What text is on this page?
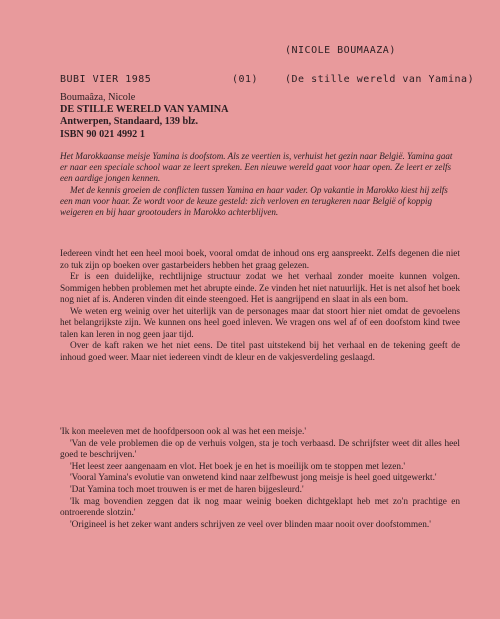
(NICOLE BOUMAAZA)
BUBI VIER 1985	(01)	(De stille wereld van Yamina)
Boumaâza, Nicole
DE STILLE WERELD VAN YAMINA
Antwerpen, Standaard, 139 blz.
ISBN 90 021 4992 1

Het Marokkaanse meisje Yamina is doofstom. Als ze veertien is, verhuist het gezin naar België. Yamina gaat er naar een speciale school waar ze leert spreken. Een nieuwe wereld gaat voor haar open. Ze leert er zelfs een aardige jongen kennen.

Met de kennis groeien de conflicten tussen Yamina en haar vader. Op vakantie in Marokko kiest hij zelfs een man voor haar. Ze wordt voor de keuze gesteld: zich verloven en terugkeren naar België of koppig weigeren en bij haar grootouders in Marokko achterblijven.

Iedereen vindt het een heel mooi boek, vooral omdat de inhoud ons erg aanspreekt. Zelfs degenen die niet zo tuk zijn op boeken over gastarbeiders hebben het graag gelezen.

Er is een duidelijke, rechtlijnige structuur zodat we het verhaal zonder moeite kunnen volgen. Sommigen hebben problemen met het abrupte einde. Ze vinden het niet natuurlijk. Het is net alsof het boek nog niet af is. Anderen vinden dit einde steengoed. Het is aangrijpend en slaat in als een bom.

We weten erg weinig over het uiterlijk van de personages maar dat stoort hier niet omdat de gevoelens het belangrijkste zijn. We kunnen ons heel goed inleven. We vragen ons wel af of een doofstom kind twee talen kan leren in nog geen jaar tijd.

Over de kaft raken we het niet eens. De titel past uitstekend bij het verhaal en de tekening geeft de inhoud goed weer. Maar niet iedereen vindt de kleur en de vakjesverdeling geslaagd.

'Ik kon meeleven met de hoofdpersoon ook al was het een meisje.'

'Van de vele problemen die op de verhuis volgen, sta je toch verbaasd. De schrijfster weet dit alles heel goed te beschrijven.'

'Het leest zeer aangenaam en vlot. Het boek je en het is moeilijk om te stoppen met lezen.'

'Vooral Yamina's evolutie van onwetend kind naar zelfbewust jong meisje is heel goed uitgewerkt.'

'Dat Yamina toch moet trouwen is er met de haren bijgesleurd.'

'Ik mag bovendien zeggen dat ik nog maar weinig boeken dichtgeklapt heb met zo'n prachtige en ontroerende slotzin.'

'Origineel is het zeker want anders schrijven ze veel over blinden maar nooit over doofstommen.'
